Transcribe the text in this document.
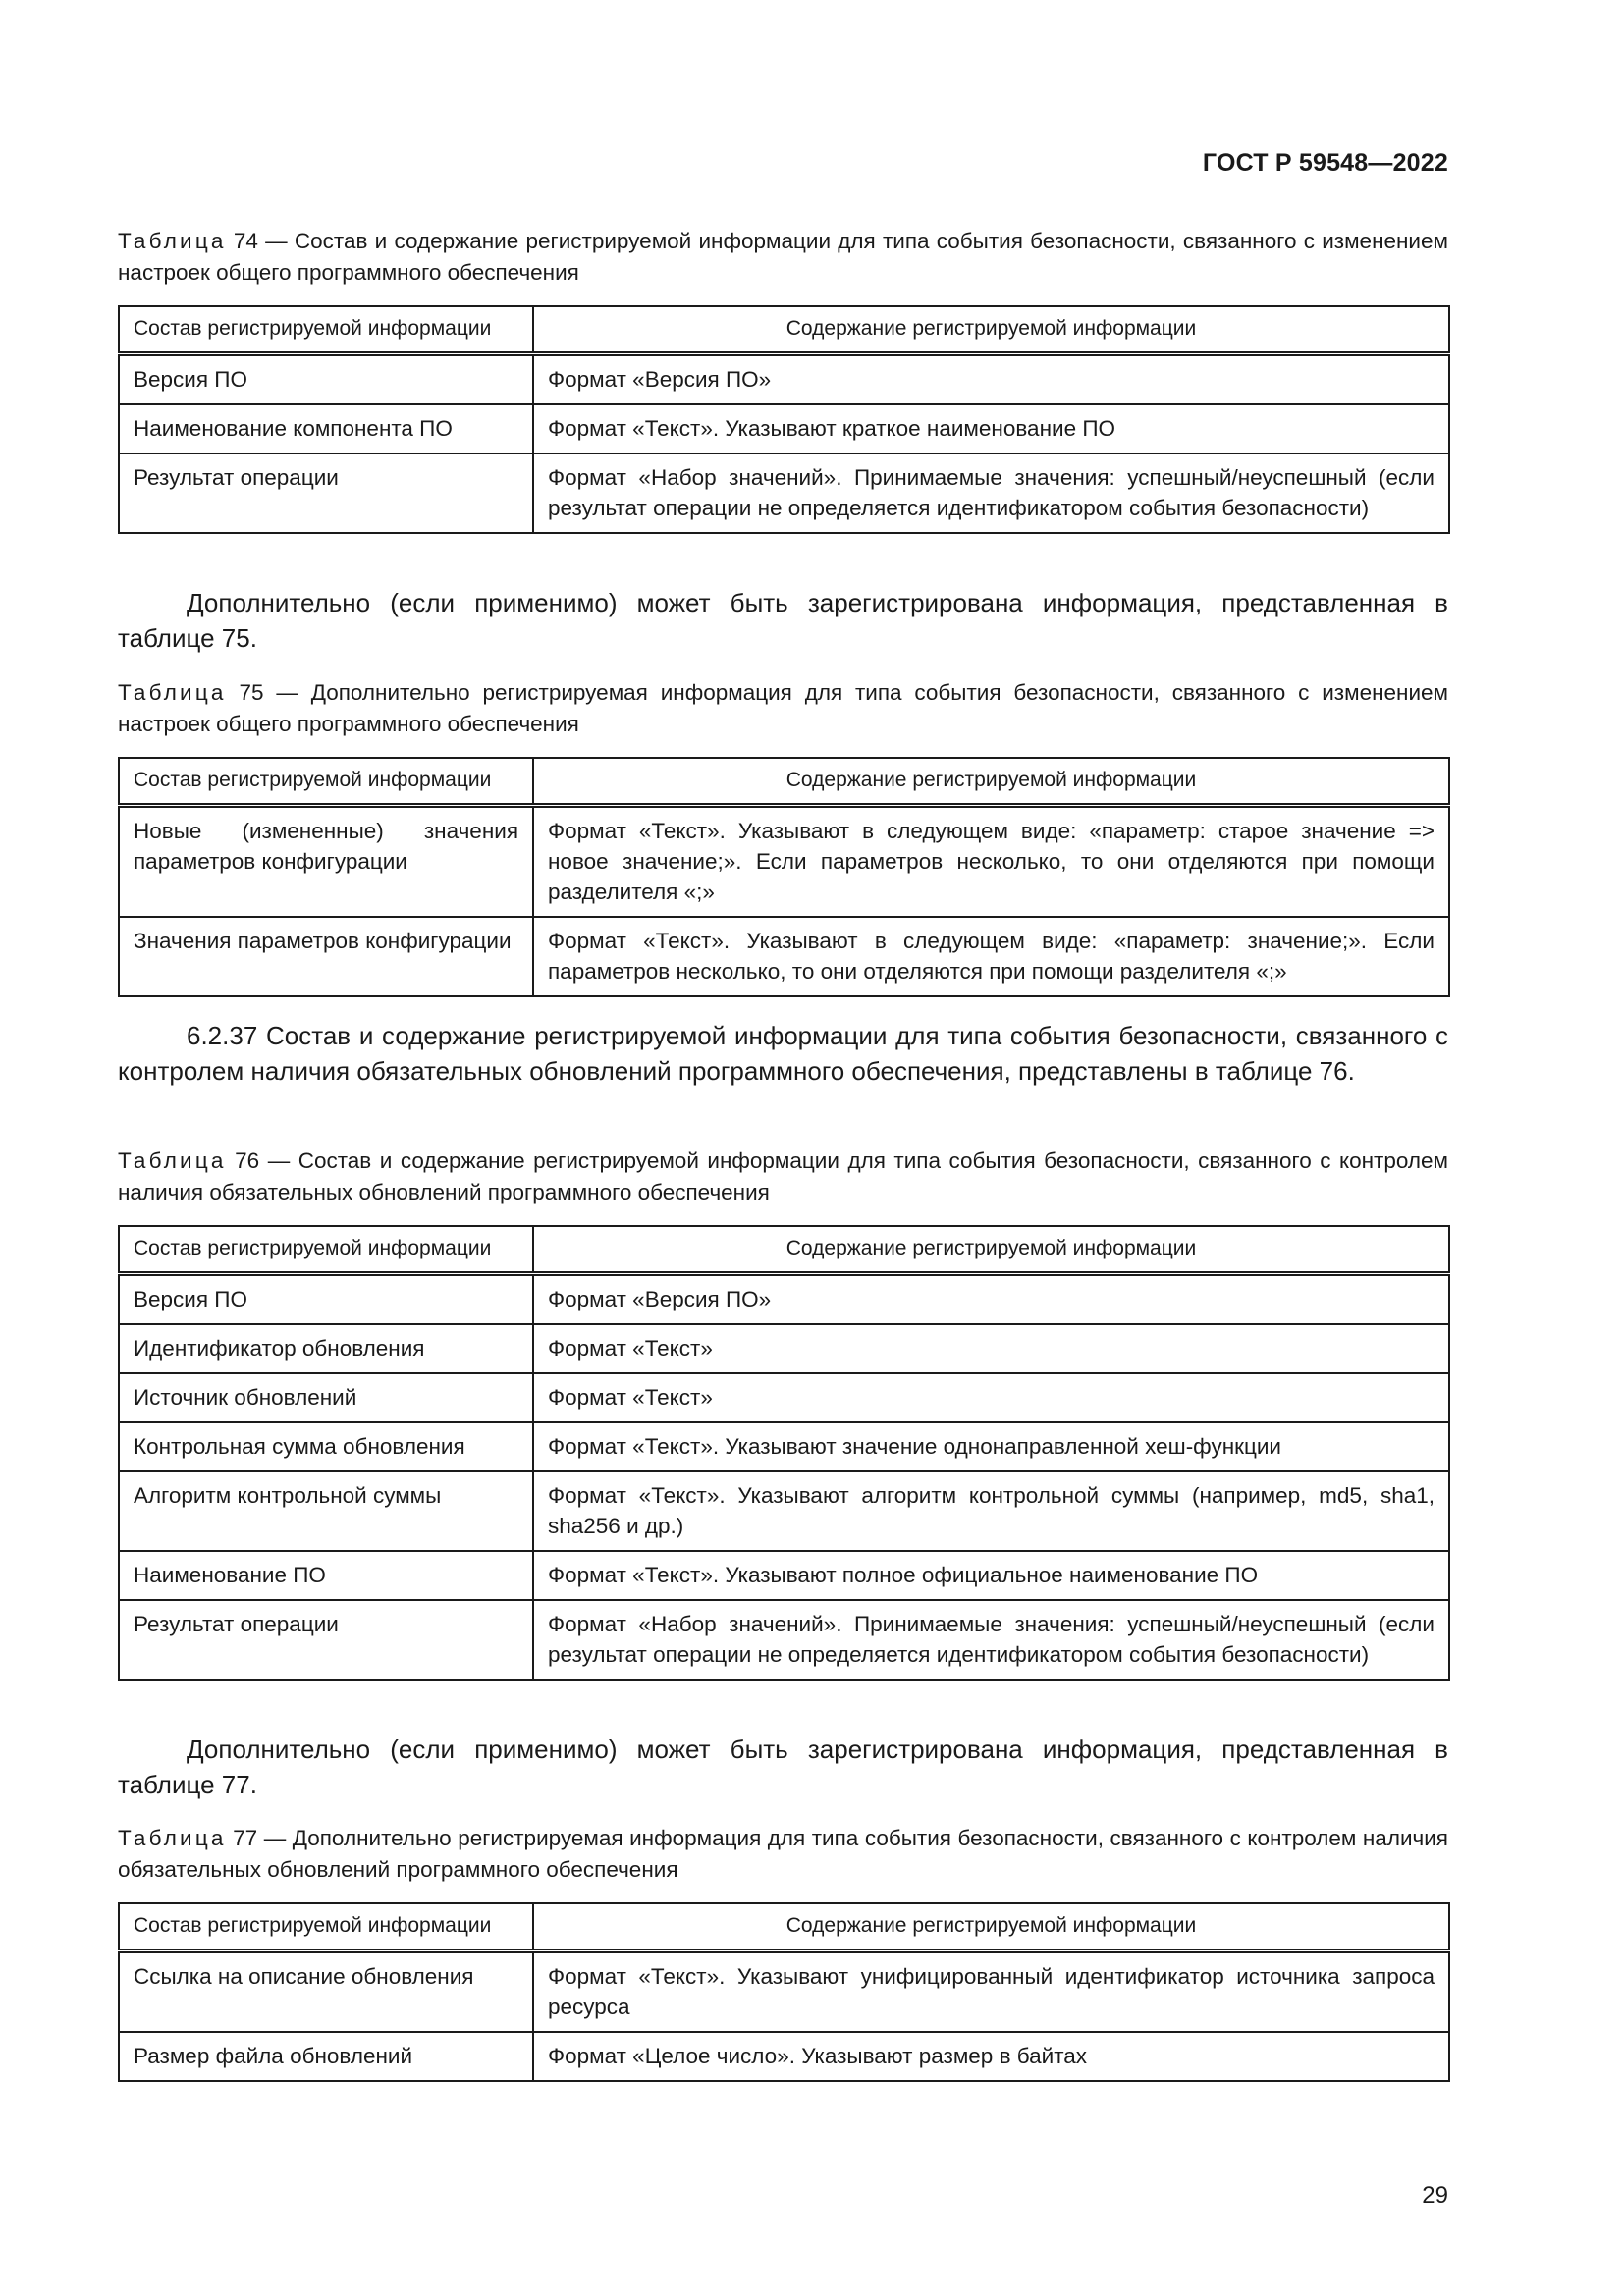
ГОСТ Р 59548—2022
Таблица 74 — Состав и содержание регистрируемой информации для типа события безопасности, связанного с изменением настроек общего программного обеспечения
Состав регистрируемой информации	Содержание регистрируемой информации
Версия ПО	Формат «Версия ПО»
Наименование компонента ПО	Формат «Текст». Указывают краткое наименование ПО
Результат операции	Формат «Набор значений». Принимаемые значения: успешный/неуспешный (если результат операции не определяется идентификатором события безопасности)
Дополнительно (если применимо) может быть зарегистрирована информация, представленная в таблице 75.
Таблица 75 — Дополнительно регистрируемая информация для типа события безопасности, связанного с изменением настроек общего программного обеспечения
Состав регистрируемой информации	Содержание регистрируемой информации
Новые (измененные) значения параметров конфигурации	Формат «Текст». Указывают в следующем виде: «параметр: старое значение => новое значение;». Если параметров несколько, то они отделяются при помощи разделителя «;»
Значения параметров конфигурации	Формат «Текст». Указывают в следующем виде: «параметр: значение;». Если параметров несколько, то они отделяются при помощи разделителя «;»
6.2.37 Состав и содержание регистрируемой информации для типа события безопасности, связанного с контролем наличия обязательных обновлений программного обеспечения, представлены в таблице 76.
Таблица 76 — Состав и содержание регистрируемой информации для типа события безопасности, связанного с контролем наличия обязательных обновлений программного обеспечения
Состав регистрируемой информации	Содержание регистрируемой информации
Версия ПО	Формат «Версия ПО»
Идентификатор обновления	Формат «Текст»
Источник обновлений	Формат «Текст»
Контрольная сумма обновления	Формат «Текст». Указывают значение однонаправленной хеш-функции
Алгоритм контрольной суммы	Формат «Текст». Указывают алгоритм контрольной суммы (например, md5, sha1, sha256 и др.)
Наименование ПО	Формат «Текст». Указывают полное официальное наименование ПО
Результат операции	Формат «Набор значений». Принимаемые значения: успешный/неуспешный (если результат операции не определяется идентификатором события безопасности)
Дополнительно (если применимо) может быть зарегистрирована информация, представленная в таблице 77.
Таблица 77 — Дополнительно регистрируемая информация для типа события безопасности, связанного с контролем наличия обязательных обновлений программного обеспечения
Состав регистрируемой информации	Содержание регистрируемой информации
Ссылка на описание обновления	Формат «Текст». Указывают унифицированный идентификатор источника запроса ресурса
Размер файла обновлений	Формат «Целое число». Указывают размер в байтах
29
